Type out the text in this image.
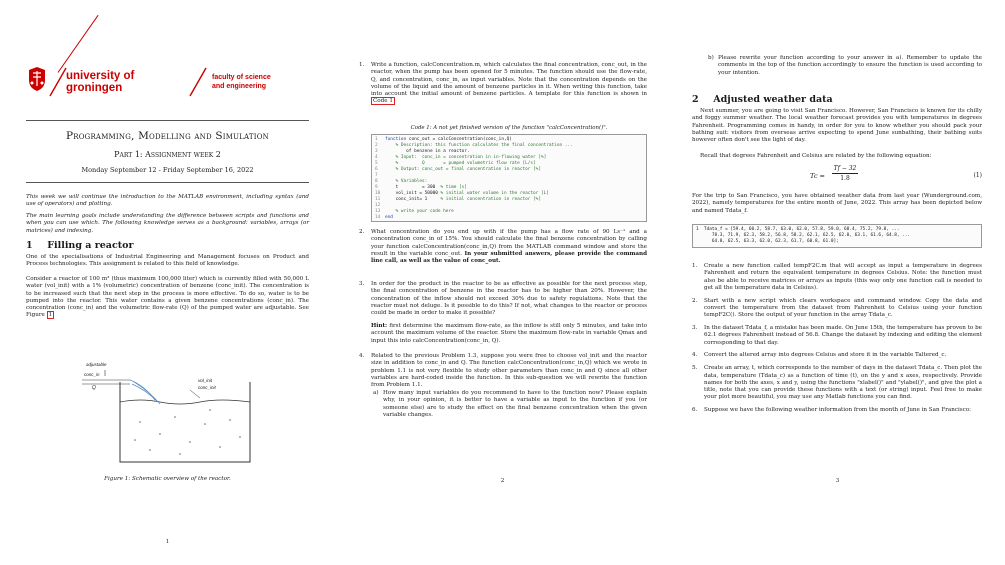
university of
groningen
faculty of science
and engineering
Programming, Modelling and Simulation
Part 1: Assignment week 2
Monday September 12 - Friday September 16, 2022
This week we will continue the introduction to the MATLAB environment, including syntax (and use of operators) and plotting.
The main learning goals include understanding the difference between scripts and functions and when you can use which. The following knowledge serves as a background: variables, arrays (or matrices) and indexing.
1 Filling a reactor
One of the specialisations of Industrial Engineering and Management focuses on Product and Process technologies. This assignment is related to this field of knowledge.
Consider a reactor of 100 m³ (thus maximum 100,000 liter) which is currently filled with 50,000 L water (vol_init) with a 1% (volumetric) concentration of benzene (conc_init). The concentration is to be increased such that the next step in the process is more effective. To do so, water is to be pumped into the reactor. This water contains a given benzene concentrations (conc_in). The concentration (conc_in) and the volumetric flow-rate (Q) of the pumped water are adjustable. See Figure 1
adjustable
conc_in
Q
vol_init
conc_init
Figure 1: Schematic overview of the reactor.
1
1. Write a function, calcConcentration.m, which calculates the final concentration, conc_out, in the reactor, when the pump has been opened for 5 minutes. The function should use the flow-rate, Q, and concentration, conc_in, as input variables. Note that the concentration depends on the volume of the liquid and the amount of benzene particles in it. When writing this function, take into account the initial amount of benzene particles. A template for this function is shown in Code 1
Code 1: A not yet finished version of the function "calcConcentration()".
1 function conc_out = calcConcentration(conc_in,Q)
2    % Description: this function calculates the final concentration ...
3        of benzene in a reactor.
4    % Input:  conc_in = concentration in in-flowing water [%]
5    %         Q       = pumped volumetric flow rate [L/s]
6    % Output: conc_out = final concentration in reactor [%]
7
8    % Variables:
9    t         = 300  % time [s]
10    vol_init = 50000 % initial water volume in the reactor [L]
11    conc_init= 1     % initial concentration in reactor [%]
12
13    % write your code here
14 end
2. What concentration do you end up with if the pump has a flow rate of 90 Ls⁻¹ and a concentration conc_in of 15%. You should calculate the final benzene concentration by calling your function calcConcentration(conc_in,Q) from the MATLAB command window and store the result in the variable conc_out. In your submitted answers, please provide the command line call, as well as the value of conc_out.
3. In order for the product in the reactor to be as effective as possible for the next process step, the final concentration of benzene in the reactor has to be higher than 20%. However, the concentration of the inflow should not exceed 30% due to safety regulations. Note that the reactor must not deluge. Is it possible to do this? If not, what changes to the reactor or process could be made in order to make it possible?
Hint: first determine the maximum flow-rate, as the inflow is still only 5 minutes, and take into account the maximum volume of the reactor. Store the maximum flow-rate in variable Qmax and input this into calcConcentration(conc_in, Q).
4. Related to the previous Problem 1.3, suppose you were free to choose vol_init and the reactor size in addition to conc_in and Q. The function calcConcentration(conc_in,Q) which we wrote in problem 1.1 is not very flexible to study other parameters than conc_in and Q since all other variables are hard-coded inside the function. In this sub-question we will rewrite the function from Problem 1.1.
a) How many input variables do you recommend to have to the function now? Please explain why, in your opinion, it is better to have a variable as input to the function if you (or someone else) are to study the effect on the final benzene concentration when the given variable changes.
2
b) Please rewrite your function according to your answer in a). Remember to update the comments in the top of the function accordingly to ensure the function is used according to your intention.
2 Adjusted weather data
Next summer, you are going to visit San Francisco. However, San Francisco is known for its chilly and foggy summer weather. The local weather forecast provides you with temperatures in degrees Fahrenheit. Programming comes in handy, in order for you to know whether you should pack your bathing suit: visitors from overseas arrive expecting to spend June sunbathing, their bathing suits however often don't see the light of day.
Recall that degrees Fahrenheit and Celsius are related by the following equation:
$Tc = \frac{Tf - 32}{1.8}$	(1)
For the trip to San Francisco, you have obtained weather data from last year (Wunderground.com, 2022), namely temperatures for the entire month of June, 2022. This array has been depicted below and named Tdata_f.
1  Tdata_f = [59.4, 60.2, 58.7, 63.0, 62.0, 57.8, 59.0, 68.4, 75.2, 79.8, ...
78.3, 71.9, 62.3, 58.2, 56.8, 58.2, 62.1, 62.5, 62.0, 63.1, 61.6, 64.8, ...
64.8, 62.5, 63.3, 62.0, 62.3, 61.7, 60.8, 61.0];
1. Create a new function called tempF2C.m that will accept as input a temperature in degrees Fahrenheit and return the equivalent temperature in degrees Celsius. Note: the function must also be able to receive matrices or arrays as inputs (this way only one function call is needed to get all the temperature data in Celsius).
2. Start with a new script which clears workspace and command window. Copy the data and convert the temperature from the dataset from Fahrenheit to Celsius using your function tempF2C(). Store the output of your function in the array Tdata_c.
3. In the dataset Tdata_f, a mistake has been made. On June 15th, the temperature has proven to be 62.1 degrees Fahrenheit instead of 56.8. Change the dataset by indexing and editing the element corresponding to that day.
4. Convert the altered array into degrees Celsius and store it in the variable Taltered_c.
5. Create an array, t, which corresponds to the number of days in the dataset Tdata_c. Then plot the data, temperature (Tdata_c) as a function of time (t), on the y and x axes, respectively. Provide names for both the axes, x and y, using the functions "xlabel()" and "ylabel()", and give the plot a title, note that you can provide these functions with a text (or string) input. Feel free to make your plot more beautiful, you may use any Matlab functions you can find.
6. Suppose we have the following weather information from the month of June in San Francisco:
3
